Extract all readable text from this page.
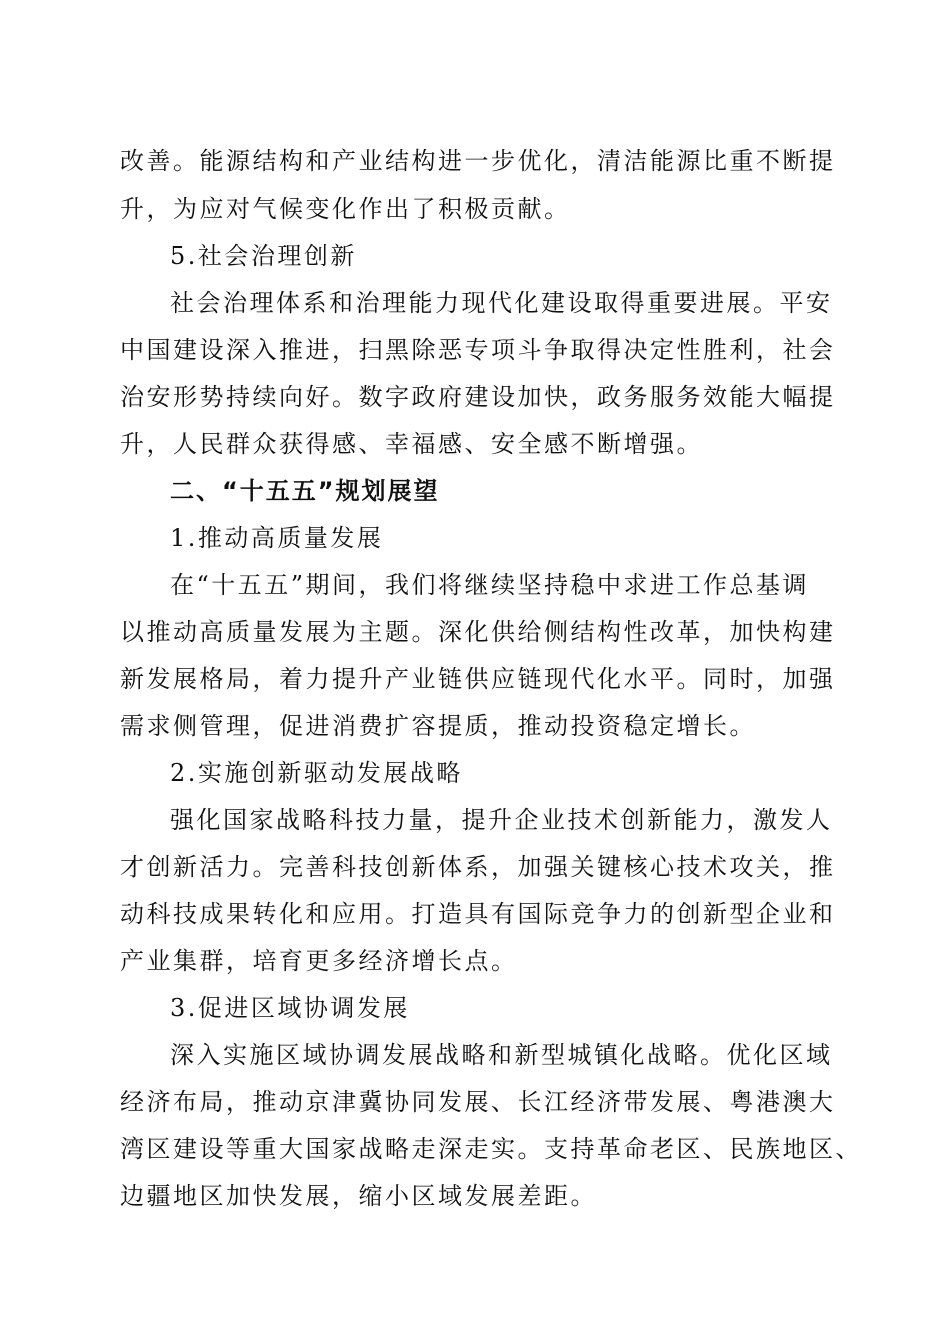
改善。能源结构和产业结构进一步优化，清洁能源比重不断提
升，为应对气候变化作出了积极贡献。
5.社会治理创新
社会治理体系和治理能力现代化建设取得重要进展。平安
中国建设深入推进，扫黑除恶专项斗争取得决定性胜利，社会
治安形势持续向好。数字政府建设加快，政务服务效能大幅提
升，人民群众获得感、幸福感、安全感不断增强。
二、“十五五”规划展望
1.推动高质量发展
在“十五五”期间，我们将继续坚持稳中求进工作总基调
以推动高质量发展为主题。深化供给侧结构性改革，加快构建
新发展格局，着力提升产业链供应链现代化水平。同时，加强
需求侧管理，促进消费扩容提质，推动投资稳定增长。
2.实施创新驱动发展战略
强化国家战略科技力量，提升企业技术创新能力，激发人
才创新活力。完善科技创新体系，加强关键核心技术攻关，推
动科技成果转化和应用。打造具有国际竞争力的创新型企业和
产业集群，培育更多经济增长点。
3.促进区域协调发展
深入实施区域协调发展战略和新型城镇化战略。优化区域
经济布局，推动京津冀协同发展、长江经济带发展、粤港澳大
湾区建设等重大国家战略走深走实。支持革命老区、民族地区、
边疆地区加快发展，缩小区域发展差距。
